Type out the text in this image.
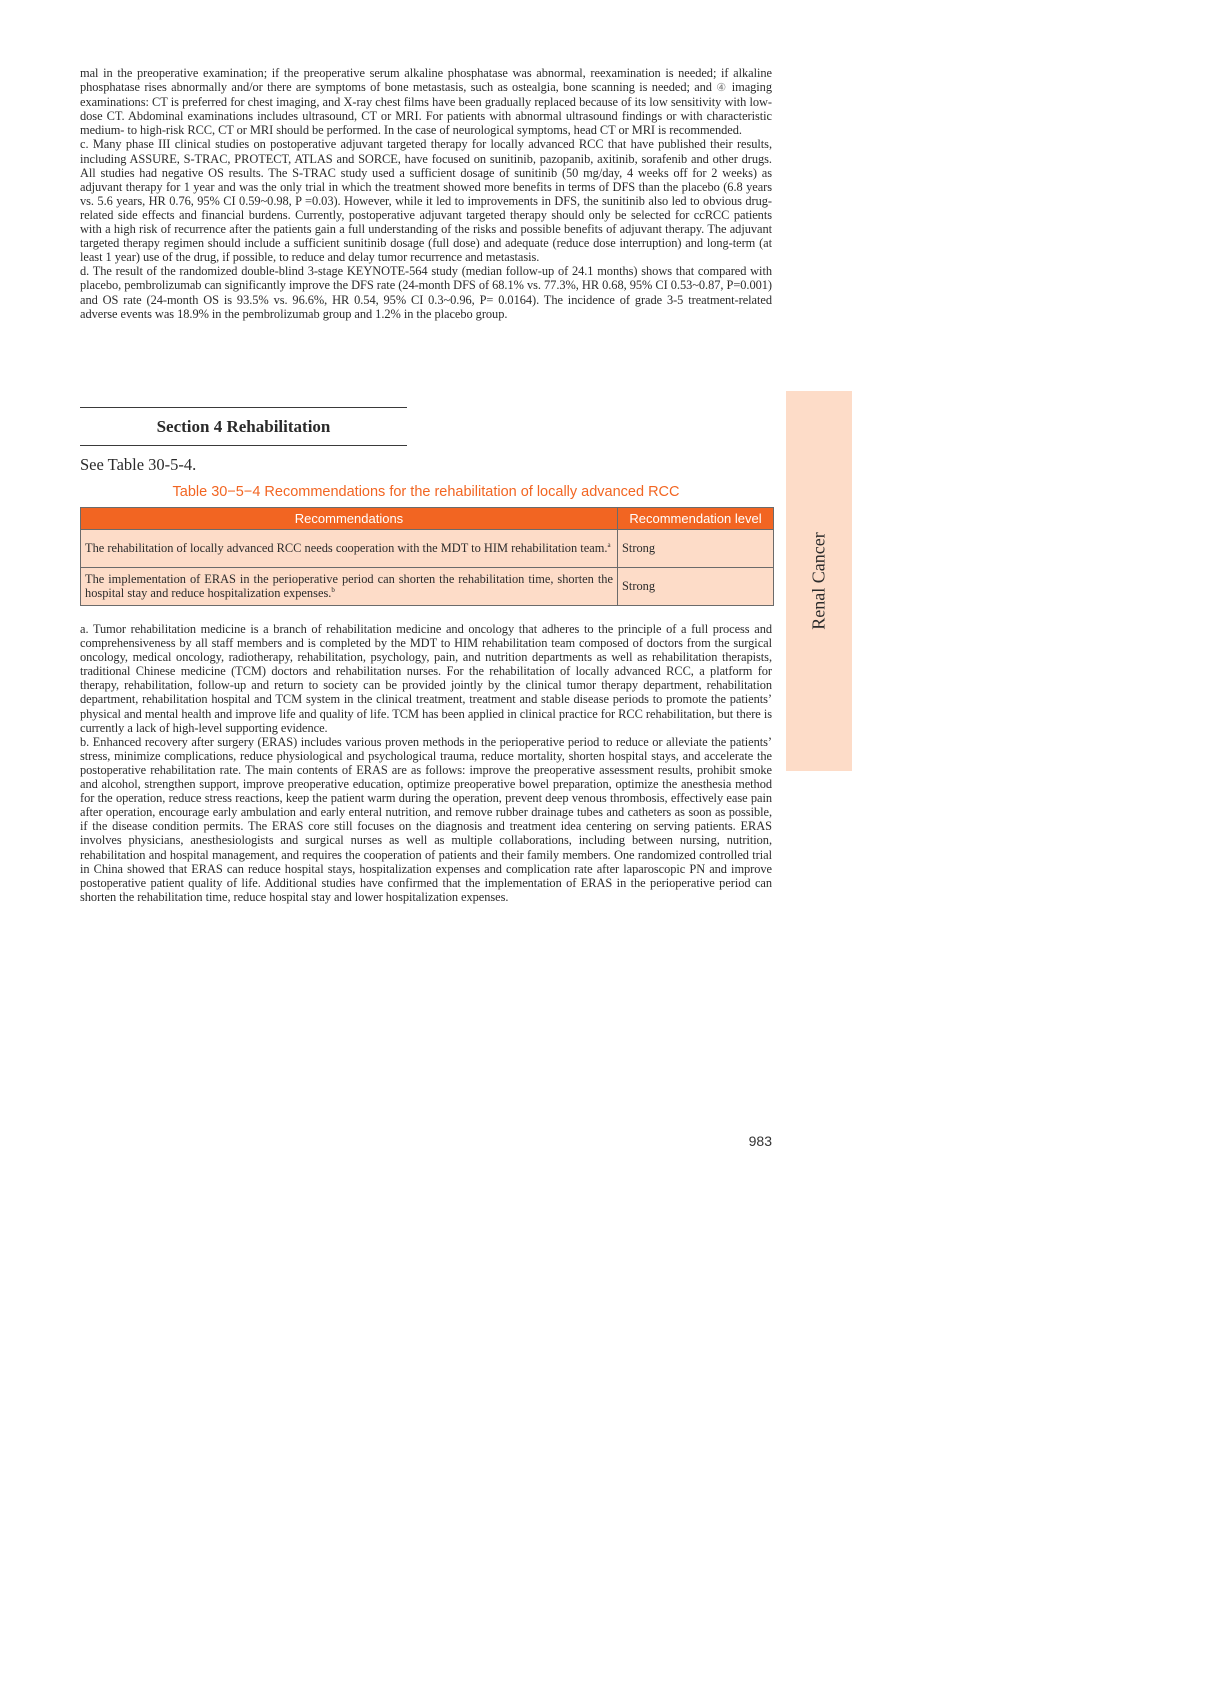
mal in the preoperative examination; if the preoperative serum alkaline phosphatase was abnormal, reexamination is needed; if alkaline phosphatase rises abnormally and/or there are symptoms of bone metastasis, such as ostealgia, bone scanning is needed; and ④ imaging examinations: CT is preferred for chest imaging, and X-ray chest films have been gradually replaced because of its low sensitivity with low-dose CT. Abdominal examinations includes ultrasound, CT or MRI. For patients with abnormal ultrasound findings or with characteristic medium- to high-risk RCC, CT or MRI should be performed. In the case of neurological symptoms, head CT or MRI is recommended.

c. Many phase III clinical studies on postoperative adjuvant targeted therapy for locally advanced RCC that have published their results, including ASSURE, S-TRAC, PROTECT, ATLAS and SORCE, have focused on sunitinib, pazopanib, axitinib, sorafenib and other drugs. All studies had negative OS results. The S-TRAC study used a sufficient dosage of sunitinib (50 mg/day, 4 weeks off for 2 weeks) as adjuvant therapy for 1 year and was the only trial in which the treatment showed more benefits in terms of DFS than the placebo (6.8 years vs. 5.6 years, HR 0.76, 95% CI 0.59~0.98, P =0.03). However, while it led to improvements in DFS, the sunitinib also led to obvious drug-related side effects and financial burdens. Currently, postoperative adjuvant targeted therapy should only be selected for ccRCC patients with a high risk of recurrence after the patients gain a full understanding of the risks and possible benefits of adjuvant therapy. The adjuvant targeted therapy regimen should include a sufficient sunitinib dosage (full dose) and adequate (reduce dose interruption) and long-term (at least 1 year) use of the drug, if possible, to reduce and delay tumor recurrence and metastasis.

d. The result of the randomized double-blind 3-stage KEYNOTE-564 study (median follow-up of 24.1 months) shows that compared with placebo, pembrolizumab can significantly improve the DFS rate (24-month DFS of 68.1% vs. 77.3%, HR 0.68, 95% CI 0.53~0.87, P=0.001) and OS rate (24-month OS is 93.5% vs. 96.6%, HR 0.54, 95% CI 0.3~0.96, P= 0.0164). The incidence of grade 3-5 treatment-related adverse events was 18.9% in the pembrolizumab group and 1.2% in the placebo group.

Section 4 Rehabilitation
See Table 30-5-4.
Table 30−5−4 Recommendations for the rehabilitation of locally advanced RCC
Recommendations	Recommendation level
The rehabilitation of locally advanced RCC needs cooperation with the MDT to HIM rehabilitation team.$^a$	Strong
The implementation of ERAS in the perioperative period can shorten the rehabilitation time, shorten the hospital stay and reduce hospitalization expenses.$^b$	Strong

a. Tumor rehabilitation medicine is a branch of rehabilitation medicine and oncology that adheres to the principle of a full process and comprehensiveness by all staff members and is completed by the MDT to HIM rehabilitation team composed of doctors from the surgical oncology, medical oncology, radiotherapy, rehabilitation, psychology, pain, and nutrition departments as well as rehabilitation therapists, traditional Chinese medicine (TCM) doctors and rehabilitation nurses. For the rehabilitation of locally advanced RCC, a platform for therapy, rehabilitation, follow-up and return to society can be provided jointly by the clinical tumor therapy department, rehabilitation department, rehabilitation hospital and TCM system in the clinical treatment, treatment and stable disease periods to promote the patients’ physical and mental health and improve life and quality of life. TCM has been applied in clinical practice for RCC rehabilitation, but there is currently a lack of high-level supporting evidence.

b. Enhanced recovery after surgery (ERAS) includes various proven methods in the perioperative period to reduce or alleviate the patients’ stress, minimize complications, reduce physiological and psychological trauma, reduce mortality, shorten hospital stays, and accelerate the postoperative rehabilitation rate. The main contents of ERAS are as follows: improve the preoperative assessment results, prohibit smoke and alcohol, strengthen support, improve preoperative education, optimize preoperative bowel preparation, optimize the anesthesia method for the operation, reduce stress reactions, keep the patient warm during the operation, prevent deep venous thrombosis, effectively ease pain after operation, encourage early ambulation and early enteral nutrition, and remove rubber drainage tubes and catheters as soon as possible, if the disease condition permits. The ERAS core still focuses on the diagnosis and treatment idea centering on serving patients. ERAS involves physicians, anesthesiologists and surgical nurses as well as multiple collaborations, including between nursing, nutrition, rehabilitation and hospital management, and requires the cooperation of patients and their family members. One randomized controlled trial in China showed that ERAS can reduce hospital stays, hospitalization expenses and complication rate after laparoscopic PN and improve postoperative patient quality of life. Additional studies have confirmed that the implementation of ERAS in the perioperative period can shorten the rehabilitation time, reduce hospital stay and lower hospitalization expenses.

Renal Cancer
983
